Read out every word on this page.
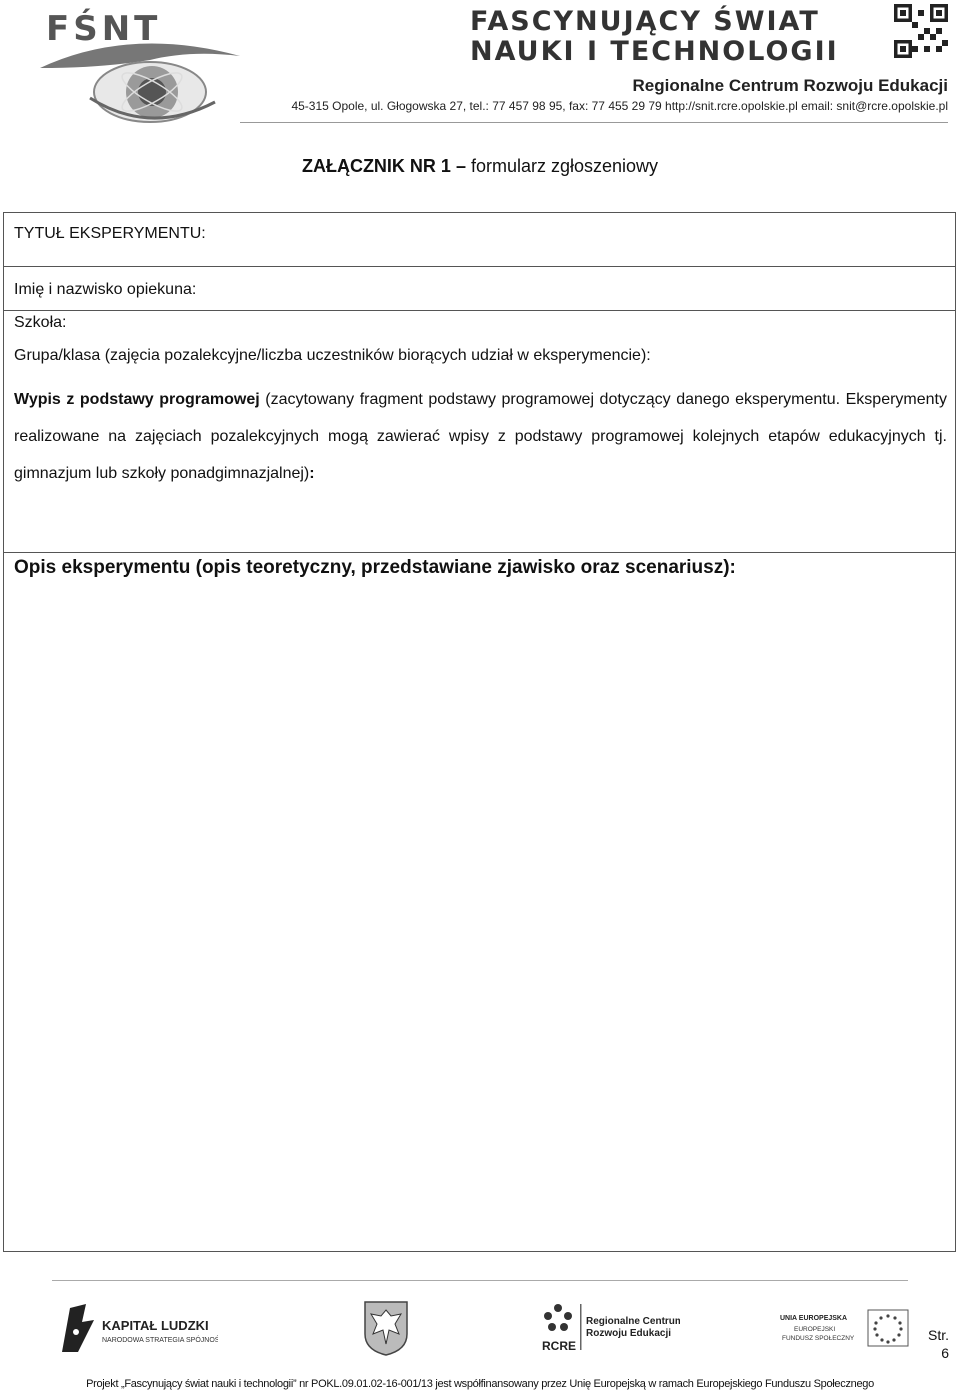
FŚNT	FASCYNUJĄCY ŚWIAT
NAUKI I TECHNOLOGII
Regionalne Centrum Rozwoju Edukacji
45-315 Opole, ul. Głogowska 27, tel.: 77 457 98 95, fax: 77 455 29 79 http://snit.rcre.opolskie.pl email: snit@rcre.opolskie.pl
ZAŁĄCZNIK NR 1 – formularz zgłoszeniowy
TYTUŁ EKSPERYMENTU:
Imię i nazwisko opiekuna:
Szkoła:
Grupa/klasa (zajęcia pozalekcyjne/liczba uczestników biorących udział w eksperymencie):
Wypis z podstawy programowej (zacytowany fragment podstawy programowej dotyczący danego eksperymentu. Eksperymenty realizowane na zajęciach pozalekcyjnych mogą zawierać wpisy z podstawy programowej kolejnych etapów edukacyjnych tj. gimnazjum lub szkoły ponadgimnazjalnej):
Opis eksperymentu (opis teoretyczny, przedstawiane zjawisko oraz scenariusz):
KAPITAŁ LUDZKI
NARODOWA STRATEGIA SPÓJNOŚCI	RCRE
Regionalne Centrum
Rozwoju Edukacji
UNIA EUROPEJSKA
EUROPEJSKI
FUNDUSZ SPOŁECZNY	Str.
6
Projekt „Fascynujący świat nauki i technologii” nr POKL.09.01.02-16-001/13 jest współfinansowany przez Unię Europejską w ramach Europejskiego Funduszu Społecznego
